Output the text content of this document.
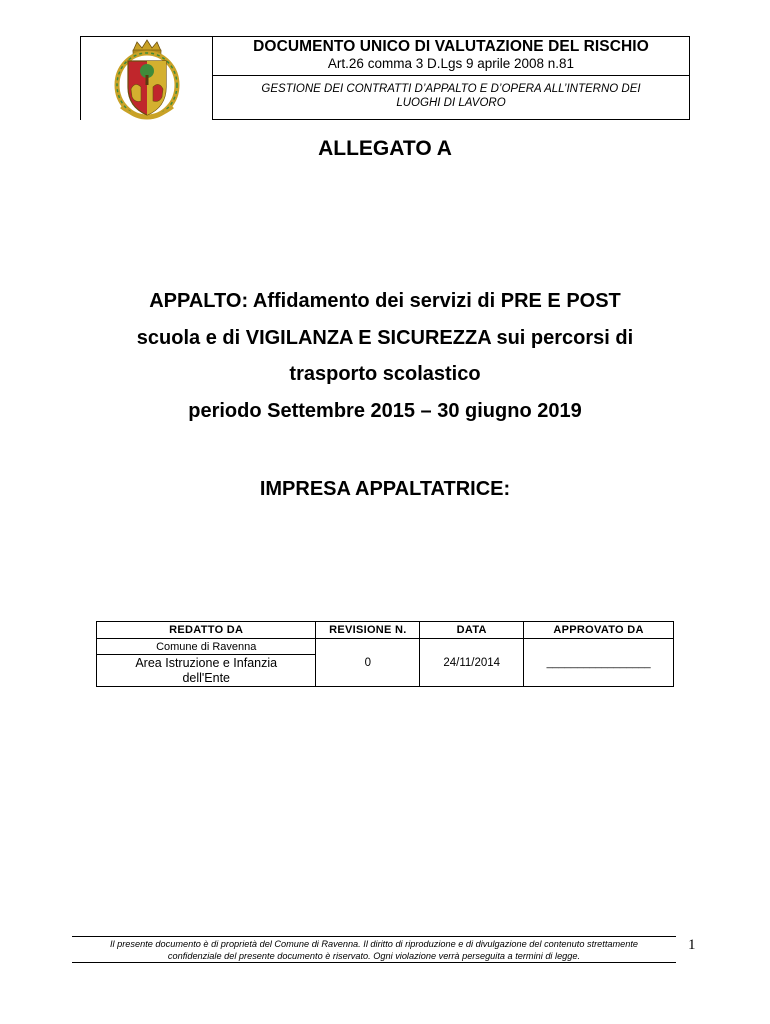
DOCUMENTO UNICO DI VALUTAZIONE DEL RISCHIO
Art.26 comma 3 D.Lgs 9 aprile 2008 n.81
GESTIONE DEI CONTRATTI D’APPALTO E D’OPERA ALL’INTERNO DEI
LUOGHI DI LAVORO
ALLEGATO A
APPALTO: Affidamento dei servizi di PRE E POST
scuola e di VIGILANZA E SICUREZZA sui percorsi di
trasporto scolastico
periodo Settembre 2015 – 30 giugno 2019
IMPRESA APPALTATRICE:
REDATTO DA	REVISIONE N.	DATA	APPROVATO DA
Comune di Ravenna	0	24/11/2014	_________________

Area Istruzione e Infanzia
dell'Ente			
Il presente documento è di proprietà del Comune di Ravenna. Il diritto di riproduzione e di divulgazione del contenuto strettamente
confidenziale del presente documento è riservato. Ogni violazione verrà perseguita a termini di legge.
1
